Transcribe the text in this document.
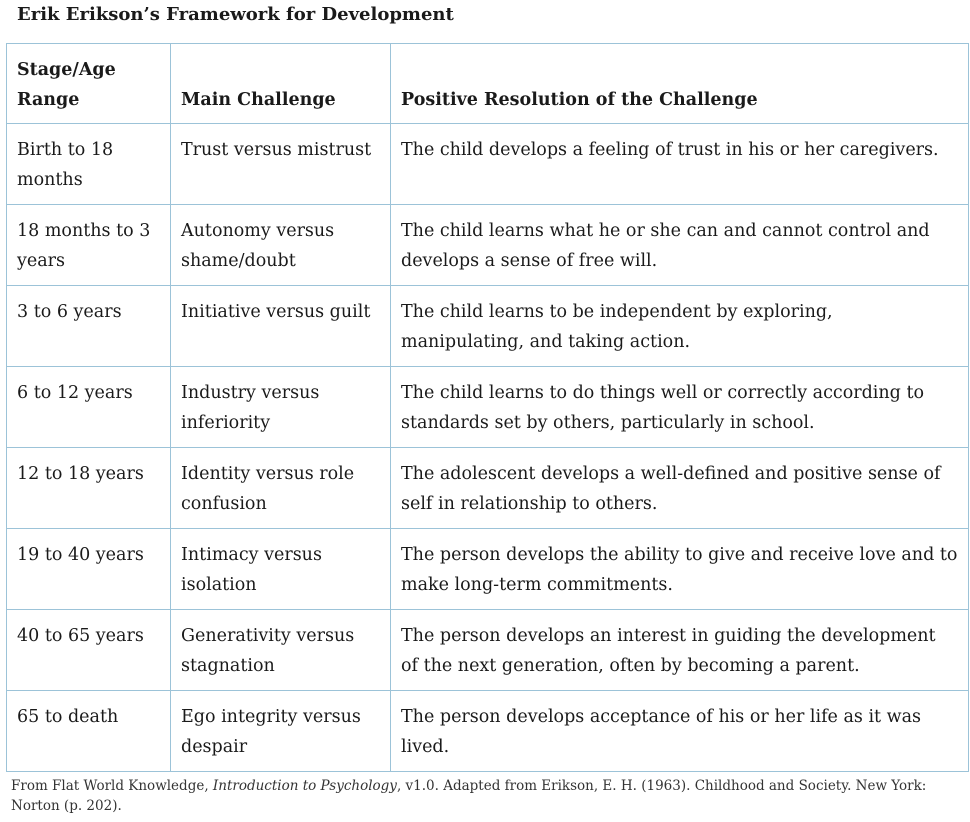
Erik Erikson’s Framework for Development
Stage/Age Range	Main Challenge	Positive Resolution of the Challenge
Birth to 18 months	Trust versus mistrust	The child develops a feeling of trust in his or her caregivers.
18 months to 3 years	Autonomy versus shame/doubt	The child learns what he or she can and cannot control and develops a sense of free will.
3 to 6 years	Initiative versus guilt	The child learns to be independent by exploring, manipulating, and taking action.
6 to 12 years	Industry versus inferiority	The child learns to do things well or correctly according to standards set by others, particularly in school.
12 to 18 years	Identity versus role confusion	The adolescent develops a well-defined and positive sense of self in relationship to others.
19 to 40 years	Intimacy versus isolation	The person develops the ability to give and receive love and to make long-term commitments.
40 to 65 years	Generativity versus stagnation	The person develops an interest in guiding the development of the next generation, often by becoming a parent.
65 to death	Ego integrity versus despair	The person develops acceptance of his or her life as it was lived.
From Flat World Knowledge, Introduction to Psychology, v1.0. Adapted from Erikson, E. H. (1963). Childhood and Society. New York: Norton (p. 202).
